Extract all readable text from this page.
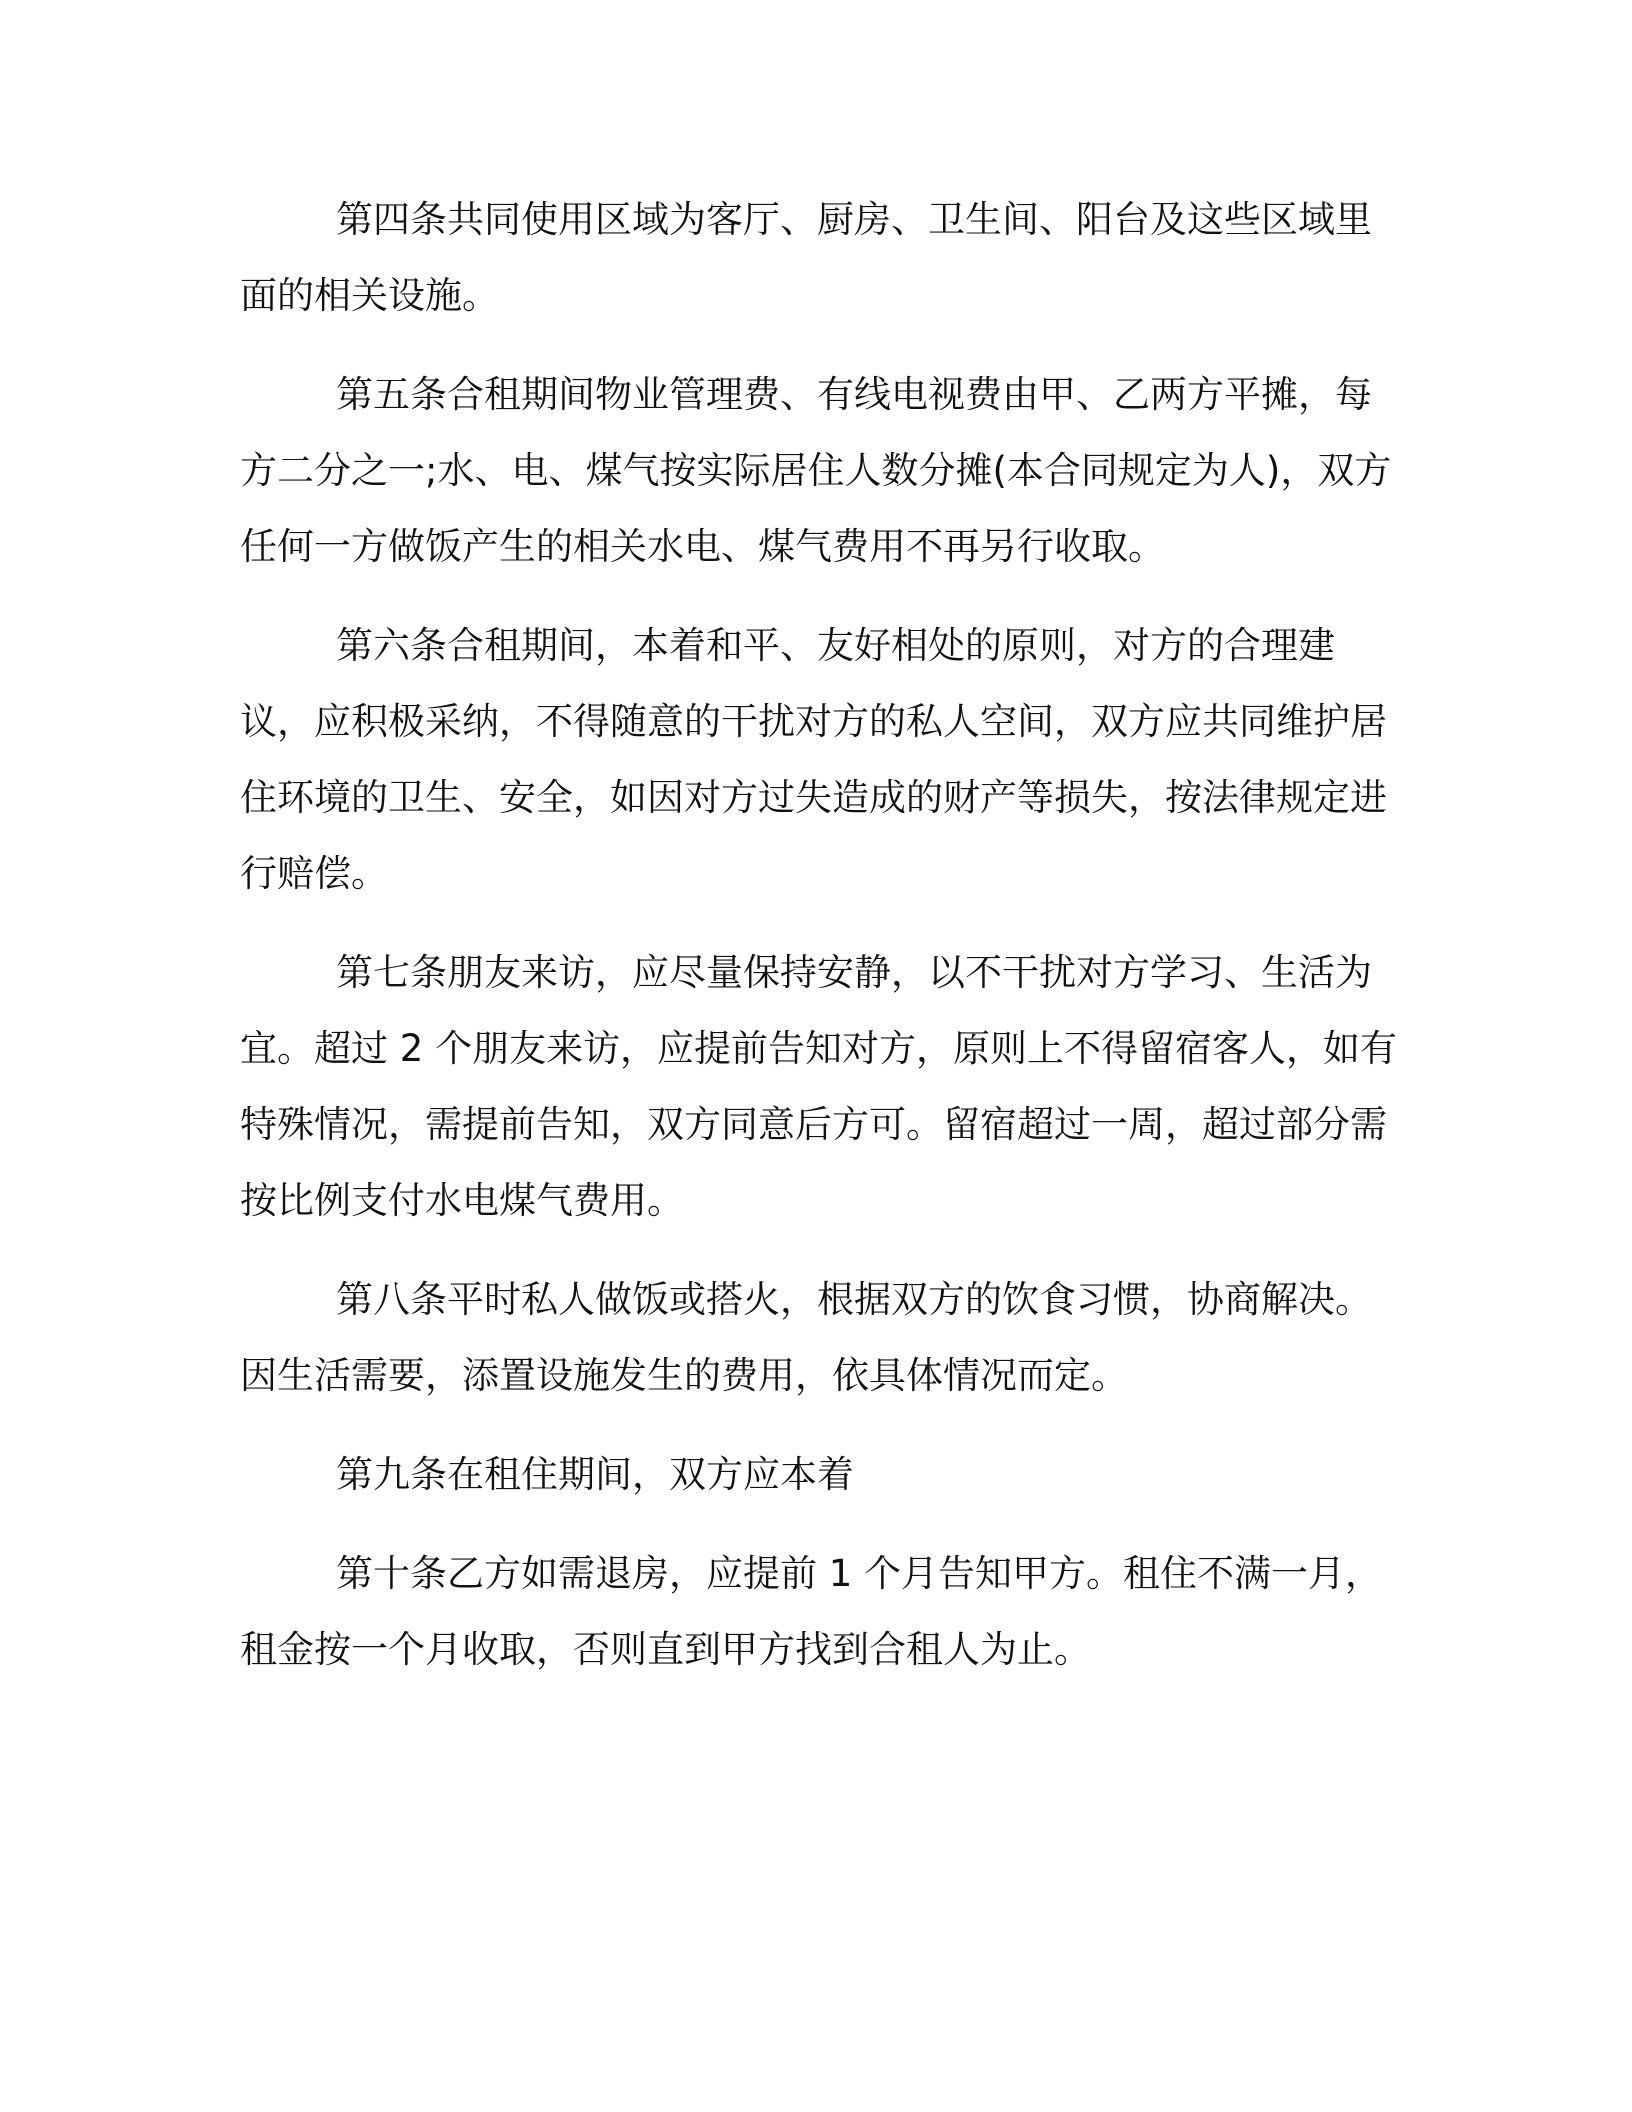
第四条共同使用区域为客厅、厨房、卫生间、阳台及这些区域里面的相关设施。

第五条合租期间物业管理费、有线电视费由甲、乙两方平摊，每方二分之一;水、电、煤气按实际居住人数分摊(本合同规定为人)，双方任何一方做饭产生的相关水电、煤气费用不再另行收取。

第六条合租期间，本着和平、友好相处的原则，对方的合理建议，应积极采纳，不得随意的干扰对方的私人空间，双方应共同维护居住环境的卫生、安全，如因对方过失造成的财产等损失，按法律规定进行赔偿。

第七条朋友来访，应尽量保持安静，以不干扰对方学习、生活为宜。超过 2 个朋友来访，应提前告知对方，原则上不得留宿客人，如有特殊情况，需提前告知，双方同意后方可。留宿超过一周，超过部分需按比例支付水电煤气费用。

第八条平时私人做饭或搭火，根据双方的饮食习惯，协商解决。因生活需要，添置设施发生的费用，依具体情况而定。

第九条在租住期间，双方应本着

第十条乙方如需退房，应提前 1 个月告知甲方。租住不满一月，租金按一个月收取，否则直到甲方找到合租人为止。
